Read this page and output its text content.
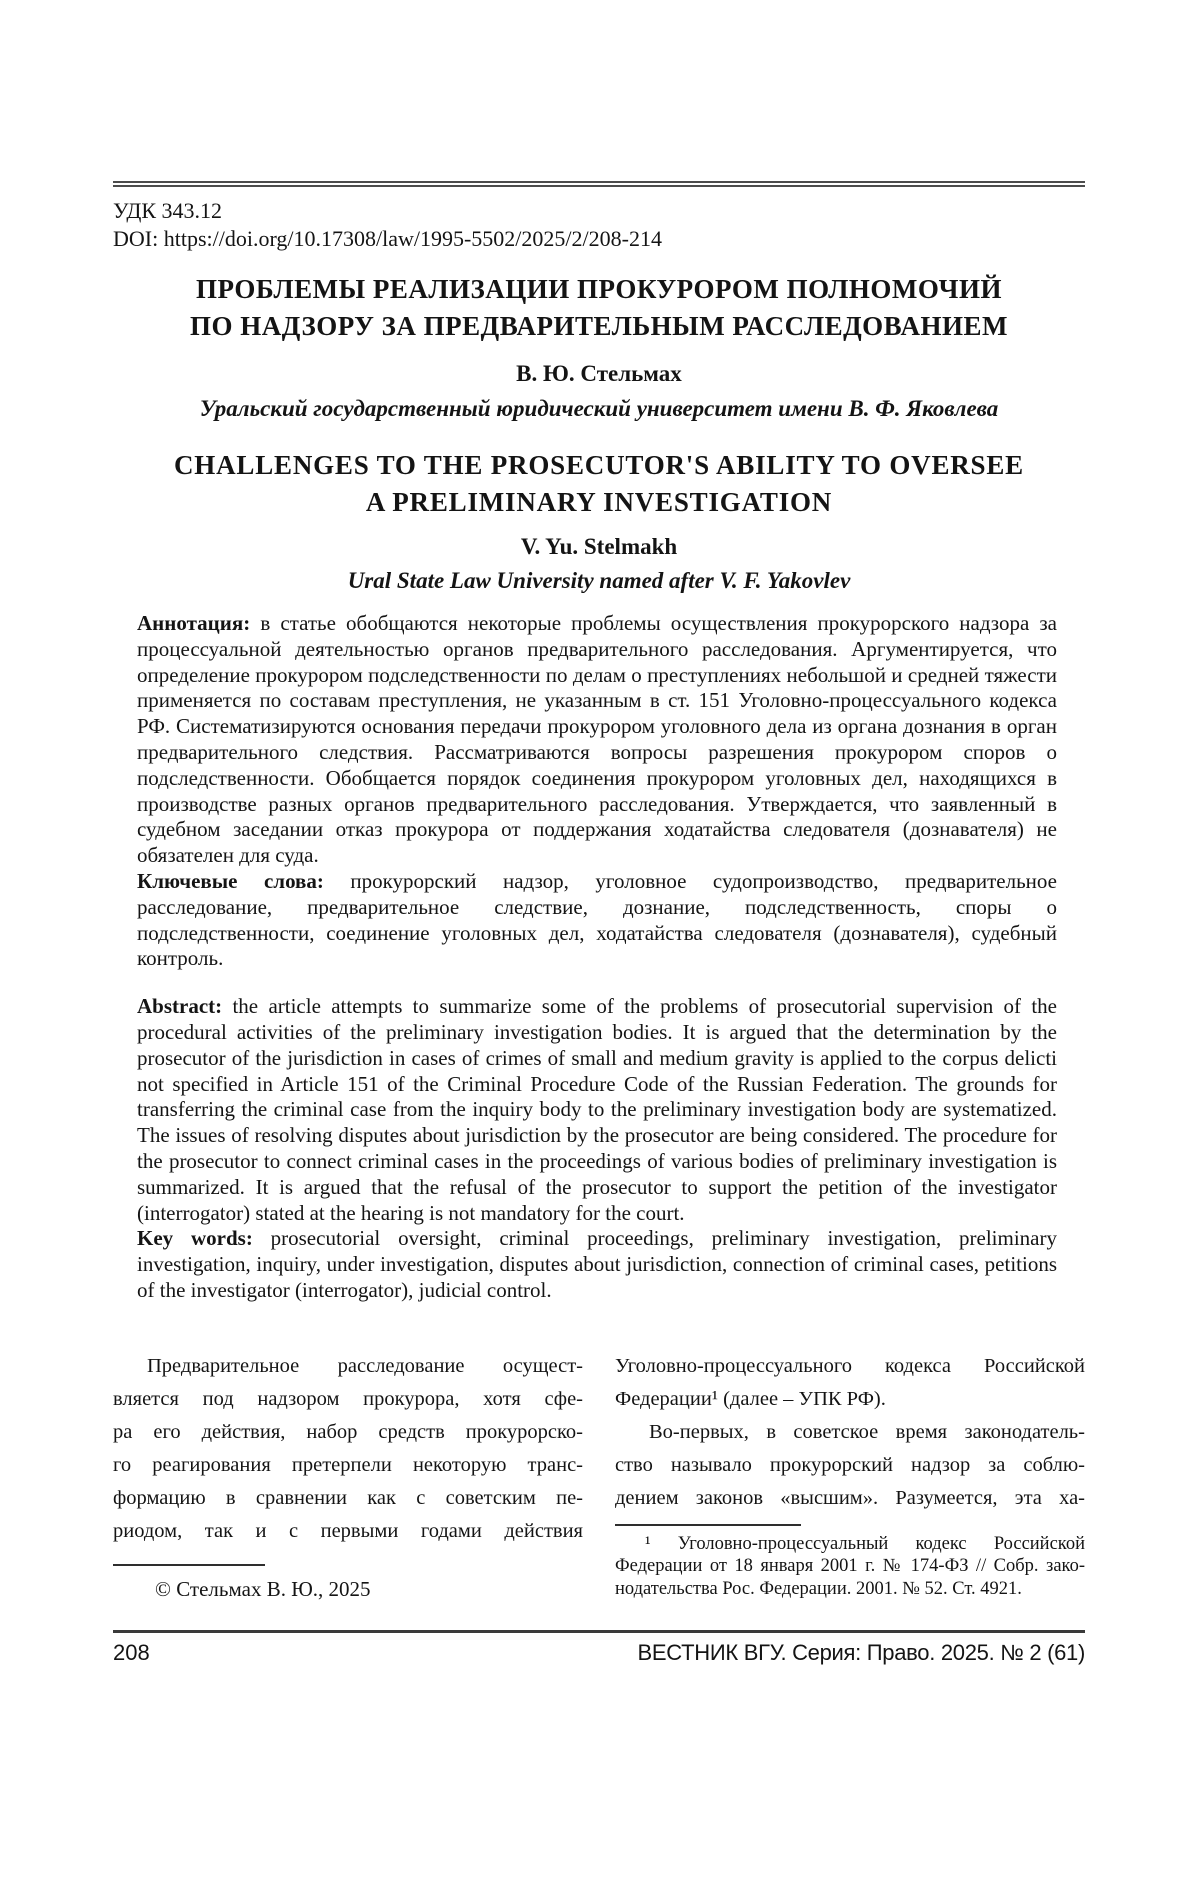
УДК 343.12
DOI: https://doi.org/10.17308/law/1995-5502/2025/2/208-214
ПРОБЛЕМЫ РЕАЛИЗАЦИИ ПРОКУРОРОМ ПОЛНОМОЧИЙ
ПО НАДЗОРУ ЗА ПРЕДВАРИТЕЛЬНЫМ РАССЛЕДОВАНИЕМ
В. Ю. Стельмах
Уральский государственный юридический университет имени В. Ф. Яковлева
CHALLENGES TO THE PROSECUTOR'S ABILITY TO OVERSEE
A PRELIMINARY INVESTIGATION
V. Yu. Stelmakh
Ural State Law University named after V. F. Yakovlev

Аннотация: в статье обобщаются некоторые проблемы осуществления прокурорского надзора за процессуальной деятельностью органов предварительного расследования. Аргументируется, что определение прокурором подследственности по делам о преступлениях небольшой и средней тяжести применяется по составам преступления, не указанным в ст. 151 Уголовно-процессуального кодекса РФ. Систематизируются основания передачи прокурором уголовного дела из органа дознания в орган предварительного следствия. Рассматриваются вопросы разрешения прокурором споров о подследственности. Обобщается порядок соединения прокурором уголовных дел, находящихся в производстве разных органов предварительного расследования. Утверждается, что заявленный в судебном заседании отказ прокурора от поддержания ходатайства следователя (дознавателя) не обязателен для суда.

Ключевые слова: прокурорский надзор, уголовное судопроизводство, предварительное расследование, предварительное следствие, дознание, подследственность, споры о подследственности, соединение уголовных дел, ходатайства следователя (дознавателя), судебный контроль.

Abstract: the article attempts to summarize some of the problems of prosecutorial supervision of the procedural activities of the preliminary investigation bodies. It is argued that the determination by the prosecutor of the jurisdiction in cases of crimes of small and medium gravity is applied to the corpus delicti not specified in Article 151 of the Criminal Procedure Code of the Russian Federation. The grounds for transferring the criminal case from the inquiry body to the preliminary investigation body are systematized. The issues of resolving disputes about jurisdiction by the prosecutor are being considered. The procedure for the prosecutor to connect criminal cases in the proceedings of various bodies of preliminary investigation is summarized. It is argued that the refusal of the prosecutor to support the petition of the investigator (interrogator) stated at the hearing is not mandatory for the court.

Key words: prosecutorial oversight, criminal proceedings, preliminary investigation, preliminary investigation, inquiry, under investigation, disputes about jurisdiction, connection of criminal cases, petitions of the investigator (interrogator), judicial control.

Предварительное расследование осущест-
вляется под надзором прокурора, хотя сфе-
ра его действия, набор средств прокурорско-
го реагирования претерпели некоторую транс-
формацию в сравнении как с советским пе-
риодом, так и с первыми годами действия
© Стельмах В. Ю., 2025
Уголовно-процессуального кодекса Российской
Федерации¹ (далее – УПК РФ).
Во-первых, в советское время законодатель-
ство называло прокурорский надзор за соблю-
дением законов «высшим». Разумеется, эта ха-
¹ Уголовно-процессуальный кодекс Российской
Федерации от 18 января 2001 г. № 174-ФЗ // Собр. зако-
нодательства Рос. Федерации. 2001. № 52. Ст. 4921.
208	ВЕСТНИК ВГУ. Серия: Право. 2025. № 2 (61)
